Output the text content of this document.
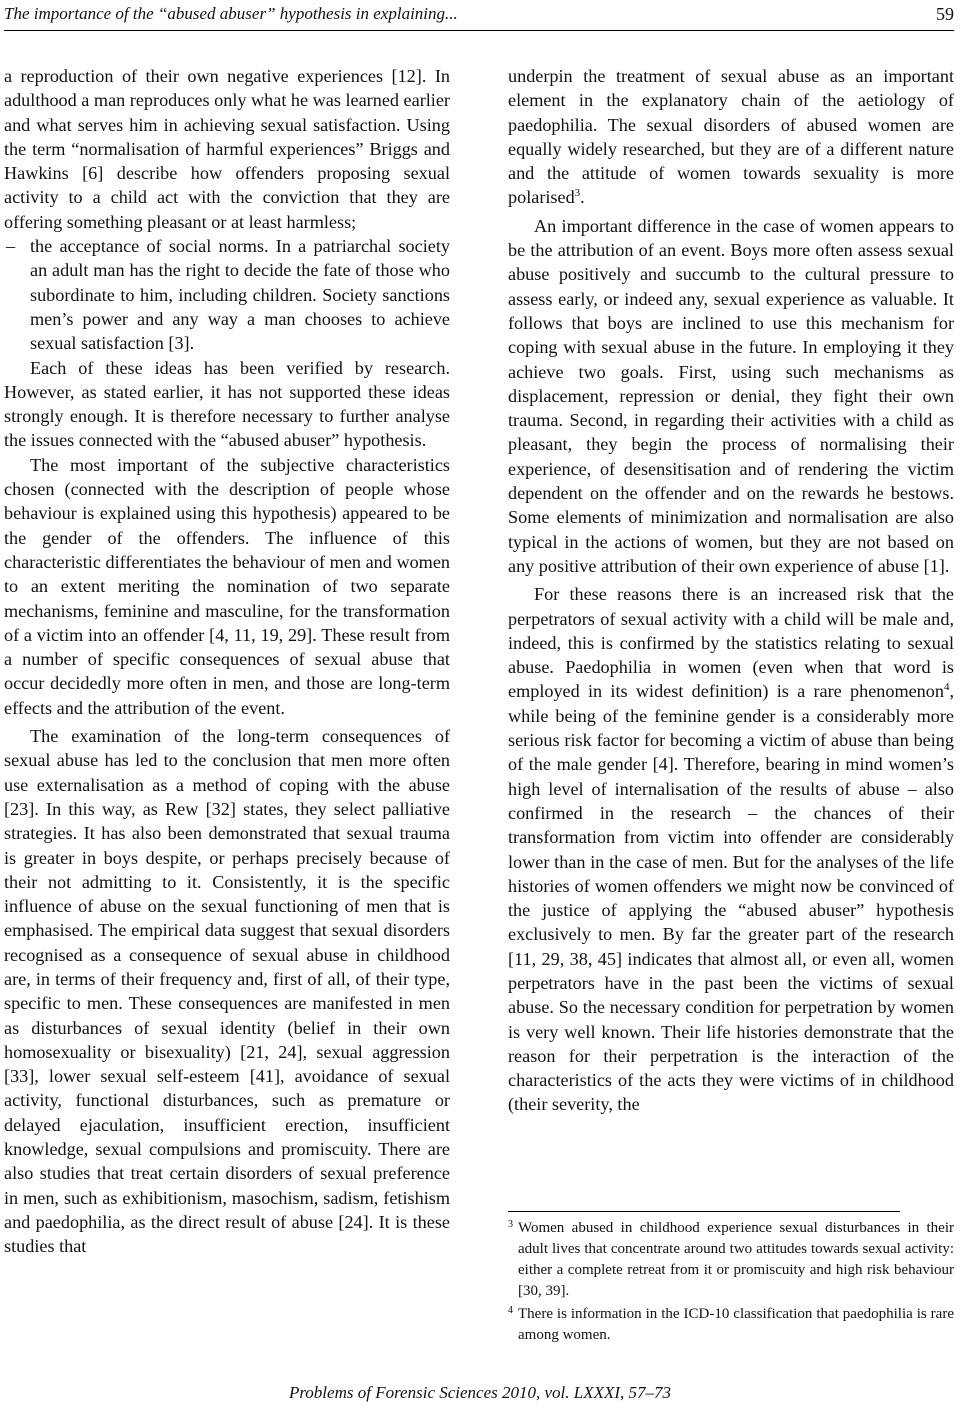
The importance of the “abused abuser” hypothesis in explaining...	59

a reproduction of their own negative experiences [12]. In adulthood a man reproduces only what he was learned earlier and what serves him in achieving sexual satisfaction. Using the term “normalisation of harmful experiences” Briggs and Hawkins [6] describe how offenders proposing sexual activity to a child act with the conviction that they are offering something pleasant or at least harmless;

– the acceptance of social norms. In a patriarchal society an adult man has the right to decide the fate of those who subordinate to him, including children. Society sanctions men’s power and any way a man chooses to achieve sexual satisfaction [3].

Each of these ideas has been verified by research. However, as stated earlier, it has not supported these ideas strongly enough. It is therefore necessary to further analyse the issues connected with the “abused abuser” hypothesis.

The most important of the subjective characteristics chosen (connected with the description of people whose behaviour is explained using this hypothesis) appeared to be the gender of the offenders. The influence of this characteristic differentiates the behaviour of men and women to an extent meriting the nomination of two separate mechanisms, feminine and masculine, for the transformation of a victim into an offender [4, 11, 19, 29]. These result from a number of specific consequences of sexual abuse that occur decidedly more often in men, and those are long-term effects and the attribution of the event.

The examination of the long-term consequences of sexual abuse has led to the conclusion that men more often use externalisation as a method of coping with the abuse [23]. In this way, as Rew [32] states, they select palliative strategies. It has also been demonstrated that sexual trauma is greater in boys despite, or perhaps precisely because of their not admitting to it. Consistently, it is the specific influence of abuse on the sexual functioning of men that is emphasised. The empirical data suggest that sexual disorders recognised as a consequence of sexual abuse in childhood are, in terms of their frequency and, first of all, of their type, specific to men. These consequences are manifested in men as disturbances of sexual identity (belief in their own homosexuality or bisexuality) [21, 24], sexual aggression [33], lower sexual self-esteem [41], avoidance of sexual activity, functional disturbances, such as premature or delayed ejaculation, insufficient erection, insufficient knowledge, sexual compulsions and promiscuity. There are also studies that treat certain disorders of sexual preference in men, such as exhibitionism, masochism, sadism, fetishism and paedophilia, as the direct result of abuse [24]. It is these studies that

underpin the treatment of sexual abuse as an important element in the explanatory chain of the aetiology of paedophilia. The sexual disorders of abused women are equally widely researched, but they are of a different nature and the attitude of women towards sexuality is more polarised$^3$.

An important difference in the case of women appears to be the attribution of an event. Boys more often assess sexual abuse positively and succumb to the cultural pressure to assess early, or indeed any, sexual experience as valuable. It follows that boys are inclined to use this mechanism for coping with sexual abuse in the future. In employing it they achieve two goals. First, using such mechanisms as displacement, repression or denial, they fight their own trauma. Second, in regarding their activities with a child as pleasant, they begin the process of normalising their experience, of desensitisation and of rendering the victim dependent on the offender and on the rewards he bestows. Some elements of minimization and normalisation are also typical in the actions of women, but they are not based on any positive attribution of their own experience of abuse [1].

For these reasons there is an increased risk that the perpetrators of sexual activity with a child will be male and, indeed, this is confirmed by the statistics relating to sexual abuse. Paedophilia in women (even when that word is employed in its widest definition) is a rare phenomenon$^4$, while being of the feminine gender is a considerably more serious risk factor for becoming a victim of abuse than being of the male gender [4]. Therefore, bearing in mind women’s high level of internalisation of the results of abuse – also confirmed in the research – the chances of their transformation from victim into offender are considerably lower than in the case of men. But for the analyses of the life histories of women offenders we might now be convinced of the justice of applying the “abused abuser” hypothesis exclusively to men. By far the greater part of the research [11, 29, 38, 45] indicates that almost all, or even all, women perpetrators have in the past been the victims of sexual abuse. So the necessary condition for perpetration by women is very well known. Their life histories demonstrate that the reason for their perpetration is the interaction of the characteristics of the acts they were victims of in childhood (their severity, the

3 Women abused in childhood experience sexual disturbances in their adult lives that concentrate around two attitudes towards sexual activity: either a complete retreat from it or promiscuity and high risk behaviour [30, 39].

4 There is information in the ICD-10 classification that paedophilia is rare among women.

Problems of Forensic Sciences 2010, vol. LXXXI, 57–73
